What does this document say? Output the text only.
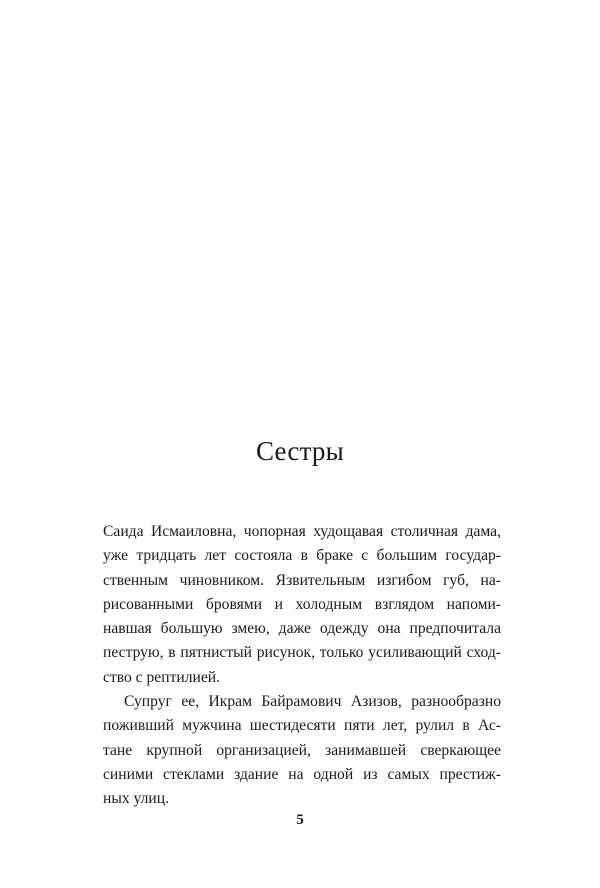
Сестры
Саида Исмаиловна, чопорная худощавая столичная дама,
уже тридцать лет состояла в браке с большим государ-
ственным чиновником. Язвительным изгибом губ, на-
рисованными бровями и холодным взглядом напоми-
навшая большую змею, даже одежду она предпочитала
пеструю, в пятнистый рисунок, только усиливающий сход-
ство с рептилией.
Супруг ее, Икрам Байрамович Азизов, разнообразно
поживший мужчина шестидесяти пяти лет, рулил в Ас-
тане крупной организацией, занимавшей сверкающее
синими стеклами здание на одной из самых престиж-
ных улиц.
5
